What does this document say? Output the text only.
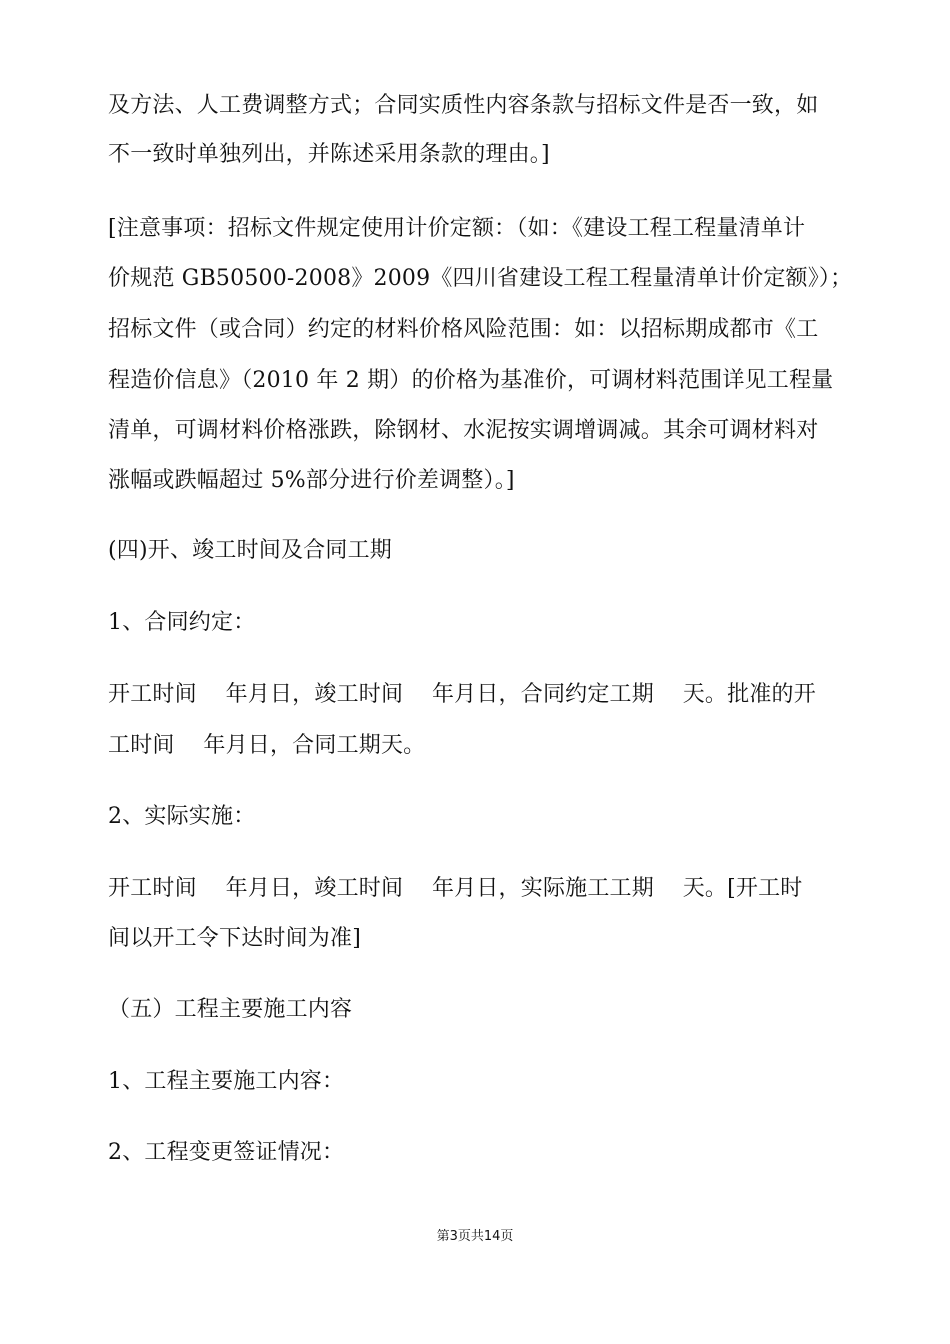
及方法、人工费调整方式；合同实质性内容条款与招标文件是否一致，如
不一致时单独列出，并陈述采用条款的理由。]
[注意事项：招标文件规定使用计价定额：（如：《建设工程工程量清单计
价规范 GB50500-2008》2009《四川省建设工程工程量清单计价定额》）；
招标文件（或合同）约定的材料价格风险范围：如：以招标期成都市《工
程造价信息》（2010 年 2 期）的价格为基准价，可调材料范围详见工程量
清单，可调材料价格涨跌，除钢材、水泥按实调增调减。其余可调材料对
涨幅或跌幅超过 5%部分进行价差调整）。]
(四)开、竣工时间及合同工期
1、合同约定：
开工时间    年月日，竣工时间    年月日，合同约定工期    天。批准的开
工时间    年月日，合同工期天。
2、实际实施：
开工时间    年月日，竣工时间    年月日，实际施工工期    天。[开工时
间以开工令下达时间为准]
（五）工程主要施工内容
1、工程主要施工内容：
2、工程变更签证情况：
第3页共14页
